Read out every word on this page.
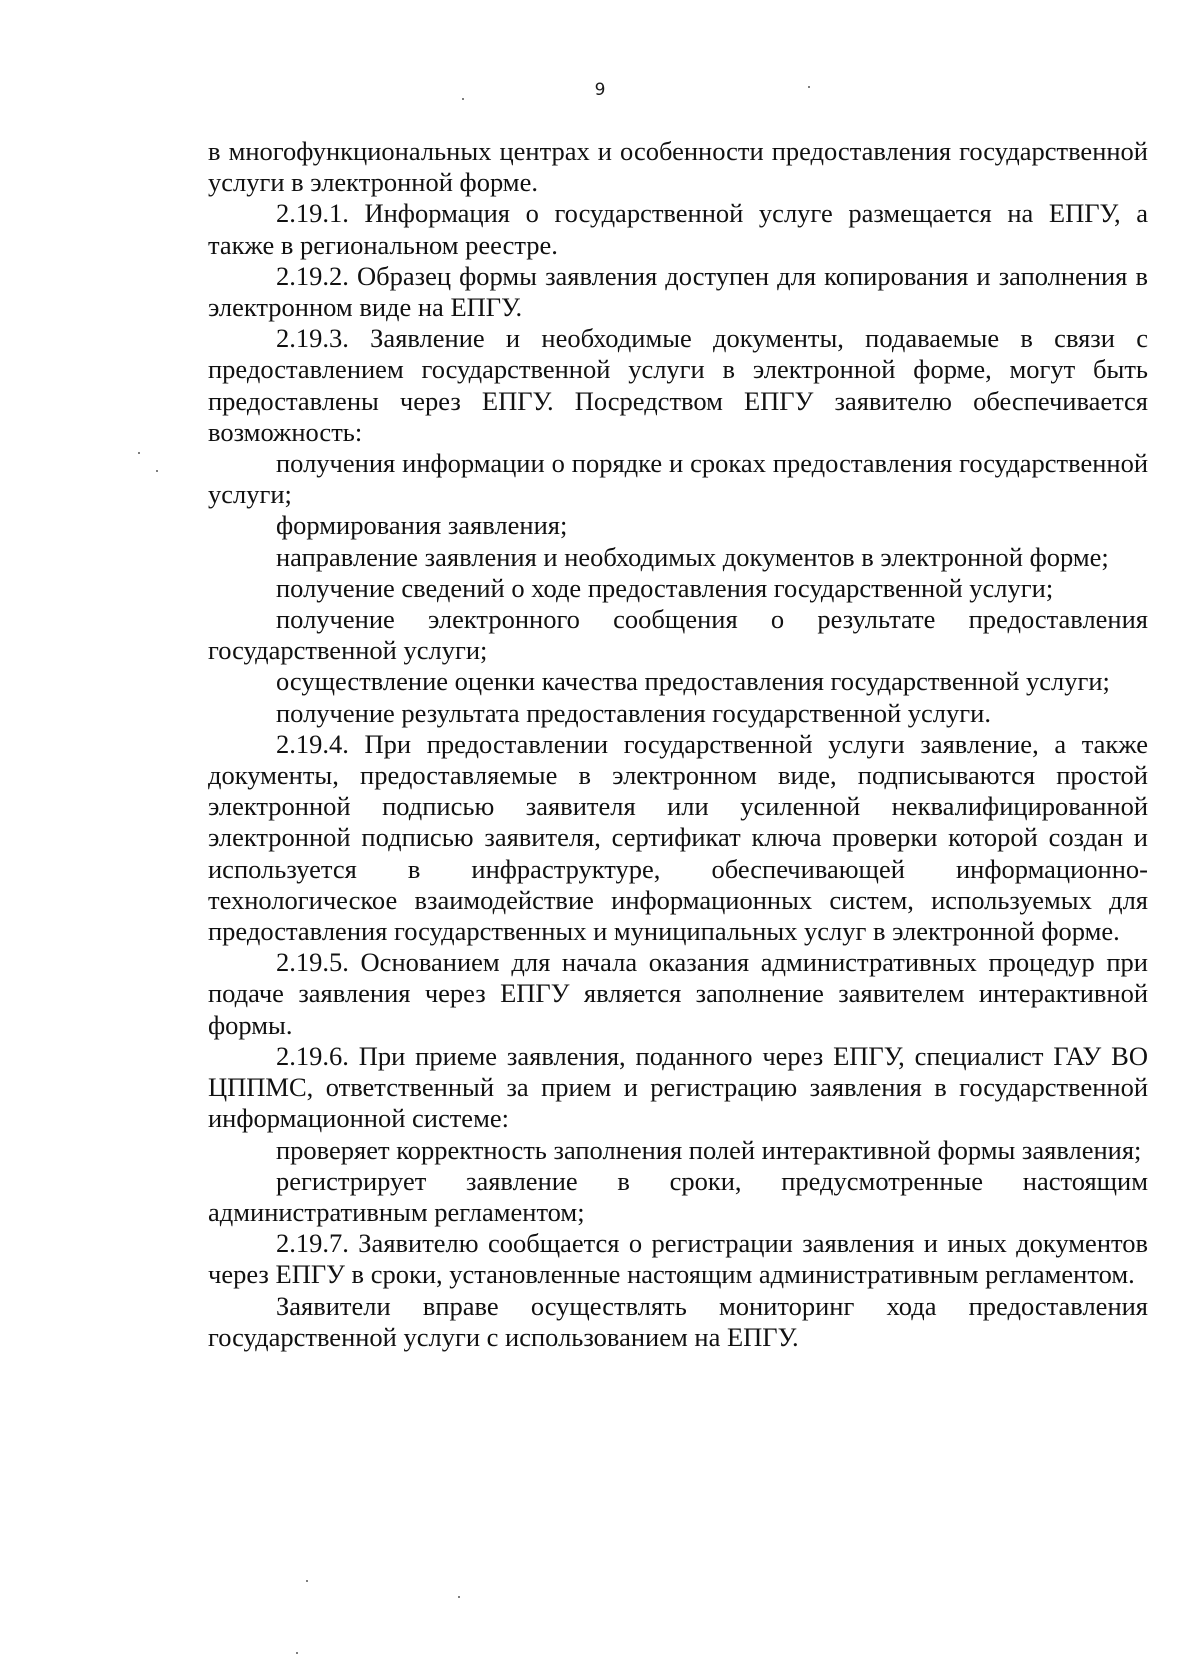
9

в многофункциональных центрах и особенности предоставления государственной услуги в электронной форме.

2.19.1. Информация о государственной услуге размещается на ЕПГУ, а также в региональном реестре.

2.19.2. Образец формы заявления доступен для копирования и заполнения в электронном виде на ЕПГУ.

2.19.3. Заявление и необходимые документы, подаваемые в связи с предоставлением государственной услуги в электронной форме, могут быть предоставлены через ЕПГУ. Посредством ЕПГУ заявителю обеспечивается возможность:

получения информации о порядке и сроках предоставления государственной услуги;

формирования заявления;

направление заявления и необходимых документов в электронной форме;

получение сведений о ходе предоставления государственной услуги;

получение электронного сообщения о результате предоставления государственной услуги;

осуществление оценки качества предоставления государственной услуги;

получение результата предоставления государственной услуги.

2.19.4. При предоставлении государственной услуги заявление, а также документы, предоставляемые в электронном виде, подписываются простой электронной подписью заявителя или усиленной неквалифицированной электронной подписью заявителя, сертификат ключа проверки которой создан и используется в инфраструктуре, обеспечивающей информационно-технологическое взаимодействие информационных систем, используемых для предоставления государственных и муниципальных услуг в электронной форме.

2.19.5. Основанием для начала оказания административных процедур при подаче заявления через ЕПГУ является заполнение заявителем интерактивной формы.

2.19.6. При приеме заявления, поданного через ЕПГУ, специалист ГАУ ВО ЦППМС, ответственный за прием и регистрацию заявления в государственной информационной системе:

проверяет корректность заполнения полей интерактивной формы заявления;

регистрирует заявление в сроки, предусмотренные настоящим административным регламентом;

2.19.7. Заявителю сообщается о регистрации заявления и иных документов через ЕПГУ в сроки, установленные настоящим административным регламентом.

Заявители вправе осуществлять мониторинг хода предоставления государственной услуги с использованием на ЕПГУ.
